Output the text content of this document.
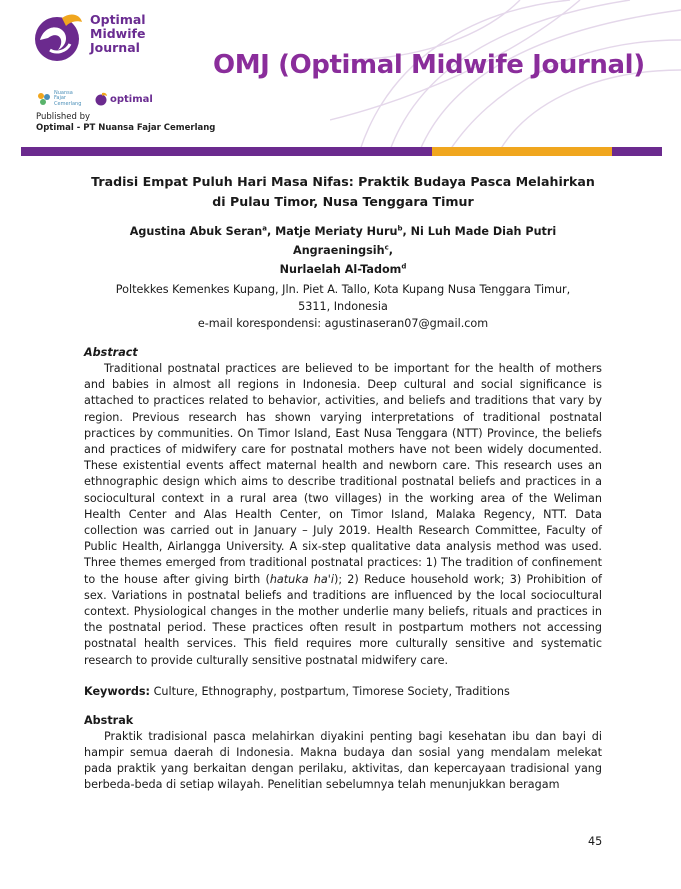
Optimal
Midwife
Journal
OMJ (Optimal Midwife Journal)
Nuansa Fajar Cemerlang	optimal
Published by
Optimal - PT Nuansa Fajar Cemerlang
Tradisi Empat Puluh Hari Masa Nifas: Praktik Budaya Pasca Melahirkan
di Pulau Timor, Nusa Tenggara Timur
Agustina Abuk Seran$^a$, Matje Meriaty Huru$^b$, Ni Luh Made Diah Putri Angraeningsih$^c$,
Nurlaelah Al-Tadom$^d$
Poltekkes Kemenkes Kupang, Jln. Piet A. Tallo, Kota Kupang Nusa Tenggara Timur,
5311, Indonesia
e-mail korespondensi: agustinaseran07@gmail.com
Abstract

Traditional postnatal practices are believed to be important for the health of mothers and babies in almost all regions in Indonesia. Deep cultural and social significance is attached to practices related to behavior, activities, and beliefs and traditions that vary by region. Previous research has shown varying interpretations of traditional postnatal practices by communities. On Timor Island, East Nusa Tenggara (NTT) Province, the beliefs and practices of midwifery care for postnatal mothers have not been widely documented. These existential events affect maternal health and newborn care. This research uses an ethnographic design which aims to describe traditional postnatal beliefs and practices in a sociocultural context in a rural area (two villages) in the working area of the Weliman Health Center and Alas Health Center, on Timor Island, Malaka Regency, NTT. Data collection was carried out in January – July 2019. Health Research Committee, Faculty of Public Health, Airlangga University. A six-step qualitative data analysis method was used. Three themes emerged from traditional postnatal practices: 1) The tradition of confinement to the house after giving birth (hatuka ha'i); 2) Reduce household work; 3) Prohibition of sex. Variations in postnatal beliefs and traditions are influenced by the local sociocultural context. Physiological changes in the mother underlie many beliefs, rituals and practices in the postnatal period. These practices often result in postpartum mothers not accessing postnatal health services. This field requires more culturally sensitive and systematic research to provide culturally sensitive postnatal midwifery care.

Keywords: Culture, Ethnography, postpartum, Timorese Society, Traditions
Abstrak

Praktik tradisional pasca melahirkan diyakini penting bagi kesehatan ibu dan bayi di hampir semua daerah di Indonesia. Makna budaya dan sosial yang mendalam melekat pada praktik yang berkaitan dengan perilaku, aktivitas, dan kepercayaan tradisional yang berbeda-beda di setiap wilayah. Penelitian sebelumnya telah menunjukkan beragam

45
